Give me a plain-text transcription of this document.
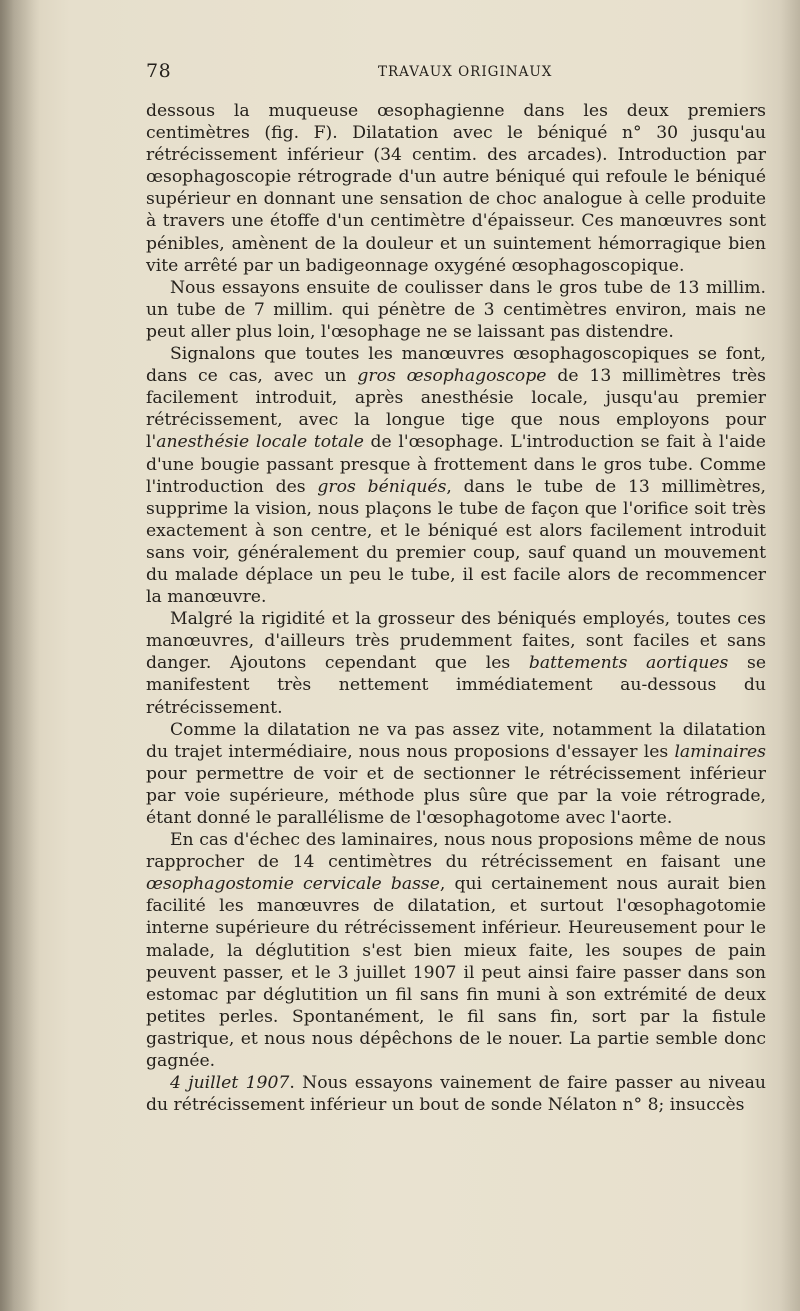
78	TRAVAUX ORIGINAUX

dessous la muqueuse œsophagienne dans les deux premiers centimètres (fig. F). Dilatation avec le béniqué n° 30 jusqu'au rétrécissement inférieur (34 centim. des arcades). Introduction par œsophagoscopie rétrograde d'un autre béniqué qui refoule le béniqué supérieur en donnant une sensation de choc analogue à celle produite à travers une étoffe d'un centimètre d'épaisseur. Ces manœuvres sont pénibles, amènent de la douleur et un suintement hémorragique bien vite arrêté par un badigeonnage oxygéné œsophagoscopique.

Nous essayons ensuite de coulisser dans le gros tube de 13 millim. un tube de 7 millim. qui pénètre de 3 centimètres environ, mais ne peut aller plus loin, l'œsophage ne se laissant pas distendre.

Signalons que toutes les manœuvres œsophagoscopiques se font, dans ce cas, avec un gros œsophagoscope de 13 millimètres très facilement introduit, après anesthésie locale, jusqu'au premier rétrécissement, avec la longue tige que nous employons pour l'anesthésie locale totale de l'œsophage. L'introduction se fait à l'aide d'une bougie passant presque à frottement dans le gros tube. Comme l'introduction des gros béniqués, dans le tube de 13 millimètres, supprime la vision, nous plaçons le tube de façon que l'orifice soit très exactement à son centre, et le béniqué est alors facilement introduit sans voir, généralement du premier coup, sauf quand un mouvement du malade déplace un peu le tube, il est facile alors de recommencer la manœuvre.

Malgré la rigidité et la grosseur des béniqués employés, toutes ces manœuvres, d'ailleurs très prudemment faites, sont faciles et sans danger. Ajoutons cependant que les battements aortiques se manifestent très nettement immédiatement au-dessous du rétrécissement.

Comme la dilatation ne va pas assez vite, notamment la dilatation du trajet intermédiaire, nous nous proposions d'essayer les laminaires pour permettre de voir et de sectionner le rétrécissement inférieur par voie supérieure, méthode plus sûre que par la voie rétrograde, étant donné le parallélisme de l'œsophagotome avec l'aorte.

En cas d'échec des laminaires, nous nous proposions même de nous rapprocher de 14 centimètres du rétrécissement en faisant une œsophagostomie cervicale basse, qui certainement nous aurait bien facilité les manœuvres de dilatation, et surtout l'œsophagotomie interne supérieure du rétrécissement inférieur. Heureusement pour le malade, la déglutition s'est bien mieux faite, les soupes de pain peuvent passer, et le 3 juillet 1907 il peut ainsi faire passer dans son estomac par déglutition un fil sans fin muni à son extrémité de deux petites perles. Spontanément, le fil sans fin, sort par la fistule gastrique, et nous nous dépêchons de le nouer. La partie semble donc gagnée.

4 juillet 1907. Nous essayons vainement de faire passer au niveau du rétrécissement inférieur un bout de sonde Nélaton n° 8; insuccès
